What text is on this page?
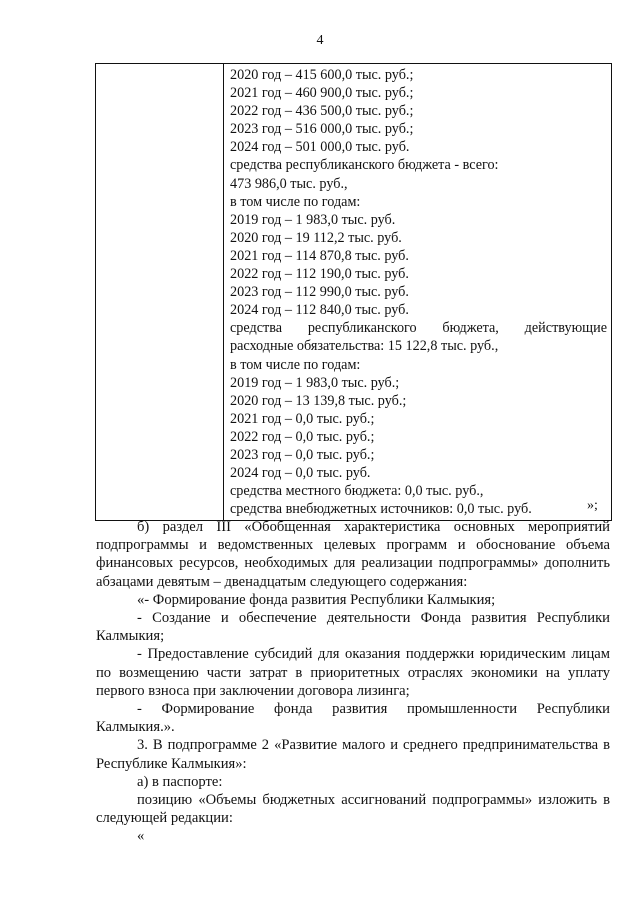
4
2020 год – 415 600,0 тыс. руб.;
2021 год – 460 900,0 тыс. руб.;
2022 год – 436 500,0 тыс. руб.;
2023 год – 516 000,0 тыс. руб.;
2024 год – 501 000,0 тыс. руб.
средства республиканского бюджета - всего:
473 986,0 тыс. руб.,
в том числе по годам:
2019 год – 1 983,0 тыс. руб.
2020 год – 19 112,2 тыс. руб.
2021 год – 114 870,8 тыс. руб.
2022 год – 112 190,0 тыс. руб.
2023 год – 112 990,0 тыс. руб.
2024 год – 112 840,0 тыс. руб.
средства республиканского бюджета, действующие
расходные обязательства: 15 122,8 тыс. руб.,
в том числе по годам:
2019 год – 1 983,0 тыс. руб.;
2020 год – 13 139,8 тыс. руб.;
2021 год – 0,0 тыс. руб.;
2022 год – 0,0 тыс. руб.;
2023 год – 0,0 тыс. руб.;
2024 год – 0,0 тыс. руб.
средства местного бюджета: 0,0 тыс. руб.,
средства внебюджетных источников: 0,0 тыс. руб.	»;

б) раздел III «Обобщенная характеристика основных мероприятий подпрограммы и ведомственных целевых программ и обоснование объема финансовых ресурсов, необходимых для реализации подпрограммы» дополнить абзацами девятым – двенадцатым следующего содержания:

«- Формирование фонда развития Республики Калмыкия;

- Создание и обеспечение деятельности Фонда развития Республики Калмыкия;

- Предоставление субсидий для оказания поддержки юридическим лицам по возмещению части затрат в приоритетных отраслях экономики на уплату первого взноса при заключении договора лизинга;

- Формирование фонда развития промышленности Республики Калмыкия.».

3. В подпрограмме 2 «Развитие малого и среднего предпринимательства в Республике Калмыкия»:

а) в паспорте:

позицию «Объемы бюджетных ассигнований подпрограммы» изложить в следующей редакции:

«
